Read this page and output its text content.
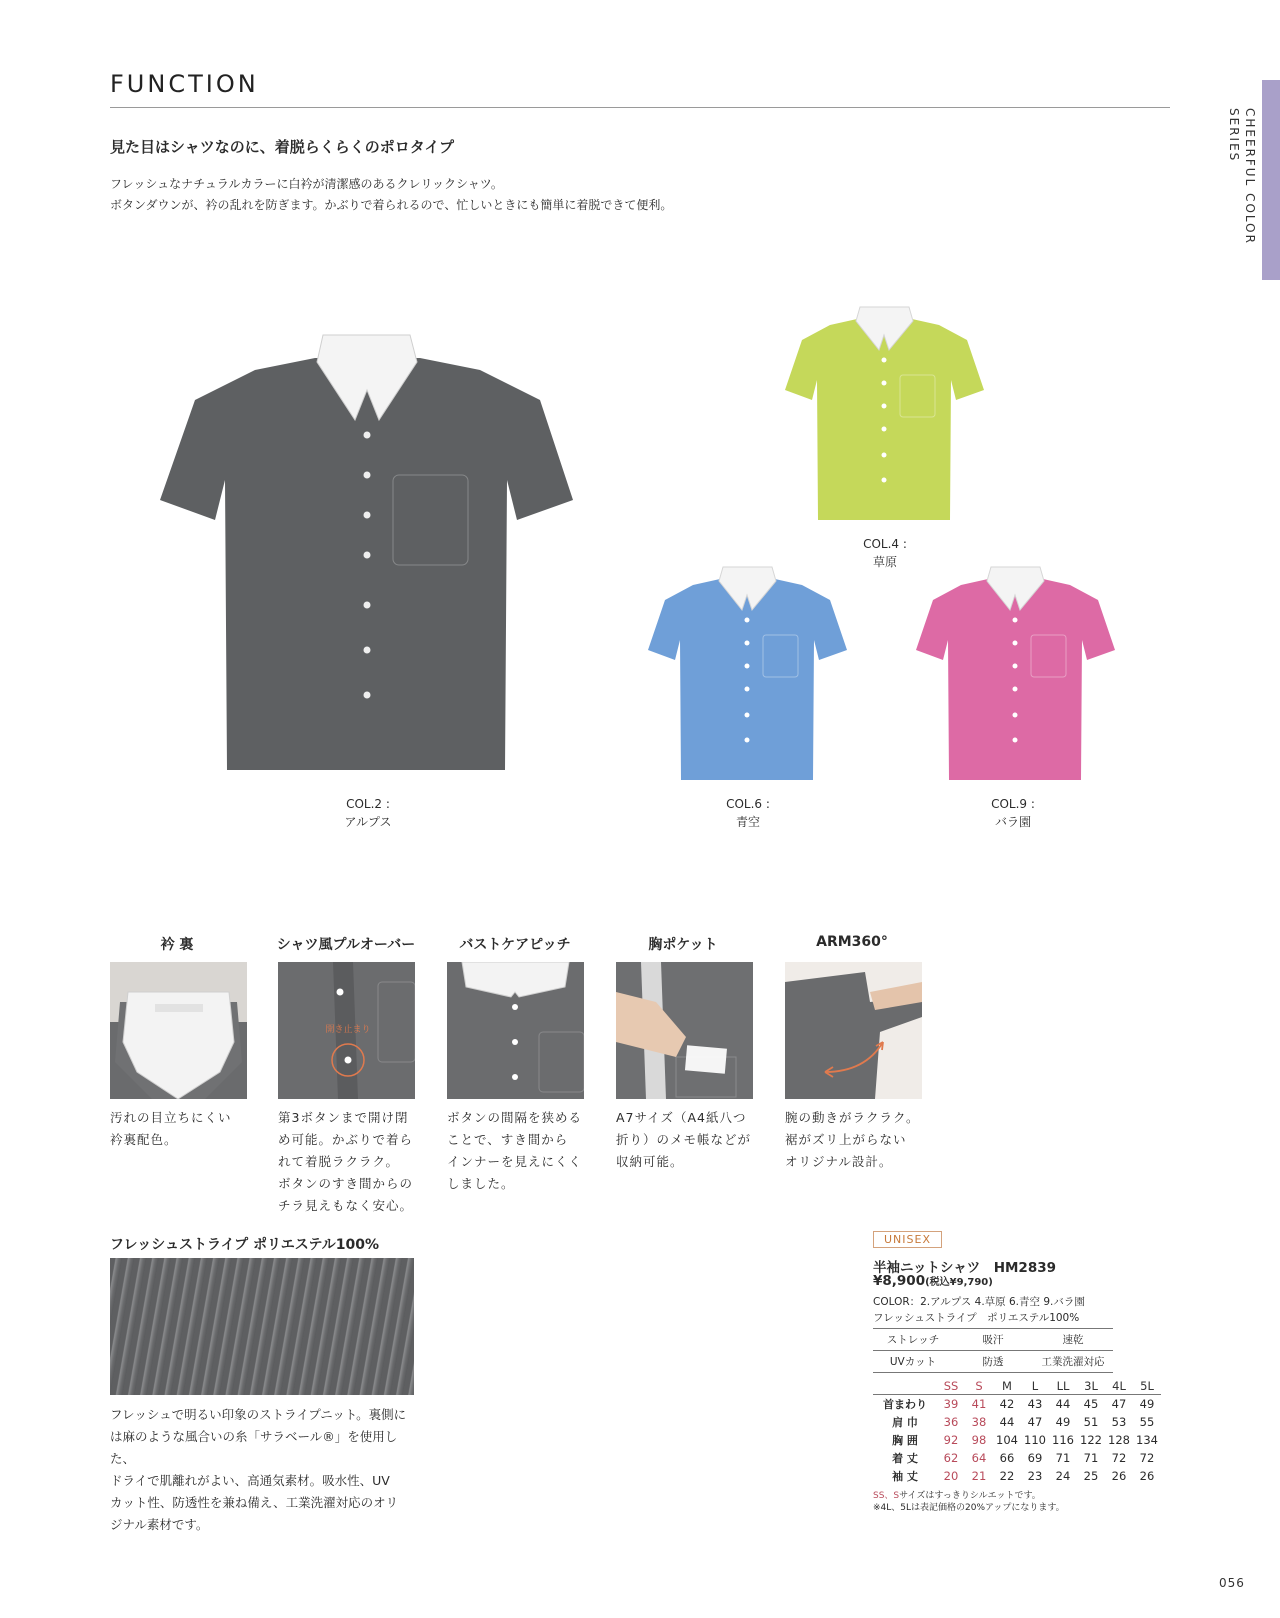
FUNCTION
CHEERFUL COLOR
SERIES
見た目はシャツなのに、着脱らくらくのポロタイプ
フレッシュなナチュラルカラーに白衿が清潔感のあるクレリックシャツ。
ボタンダウンが、衿の乱れを防ぎます。かぶりで着られるので、忙しいときにも簡単に着脱できて便利。
COL.2 :
アルプス
COL.4 :
草原
COL.6 :
青空
COL.9 :
バラ園
衿 裏
汚れの目立ちにくい
衿裏配色。
シャツ風プルオーバー
開き止まり
第3ボタンまで開け閉
め可能。かぶりで着ら
れて着脱ラクラク。
ボタンのすき間からの
チラ見えもなく安心。
バストケアピッチ
ボタンの間隔を狭める
ことで、すき間から
インナーを見えにくく
しました。
胸ポケット
A7サイズ（A4紙八つ
折り）のメモ帳などが
収納可能。
ARM360°
腕の動きがラクラク。
裾がズリ上がらない
オリジナル設計。
フレッシュストライプ ポリエステル100%
フレッシュで明るい印象のストライプニット。裏側に
は麻のような風合いの糸「サラベール®」を使用した、
ドライで肌離れがよい、高通気素材。吸水性、UV
カット性、防透性を兼ね備え、工業洗濯対応のオリ
ジナル素材です。
UNISEX
半袖ニットシャツ　HM2839
¥8,900(税込¥9,790)
COLOR：2.アルプス 4.草原 6.青空 9.バラ園
フレッシュストライプ　ポリエステル100%
ストレッチ	吸汗	速乾
UVカット	防透	工業洗濯対応
	SS	S	M	L	LL	3L	4L	5L
首まわり	39	41	42	43	44	45	47	49
肩 巾	36	38	44	47	49	51	53	55
胸 囲	92	98	104	110	116	122	128	134
着 丈	62	64	66	69	71	71	72	72
袖 丈	20	21	22	23	24	25	26	26
SS、Sサイズはすっきりシルエットです。
※4L、5Lは表記価格の20%アップになります。
056
